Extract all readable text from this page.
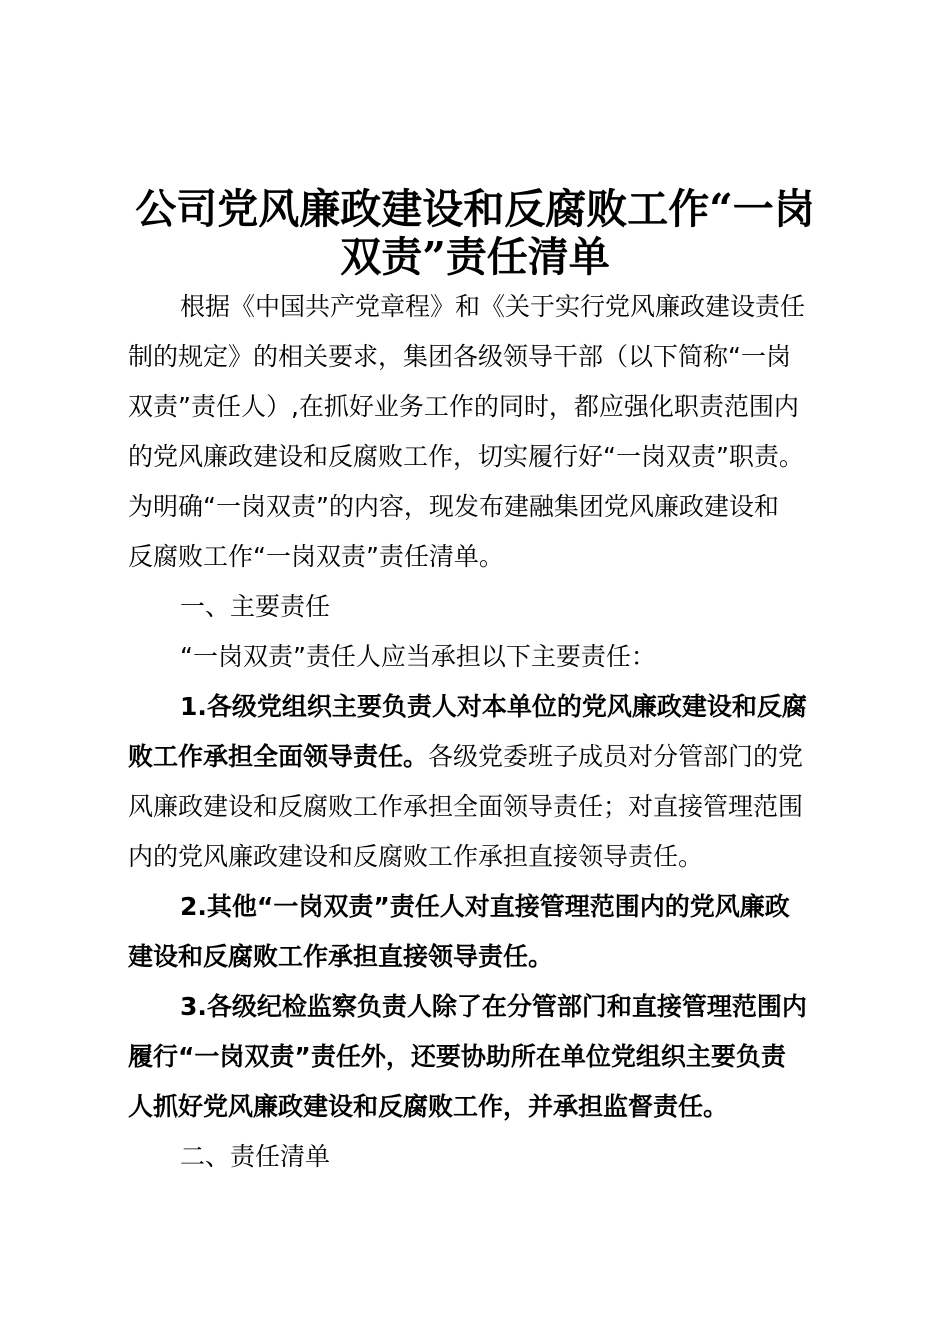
公司党风廉政建设和反腐败工作“一岗
双责”责任清单
根据《中国共产党章程》和《关于实行党风廉政建设责任
制的规定》的相关要求，集团各级领导干部（以下简称“一岗
双责”责任人）,在抓好业务工作的同时，都应强化职责范围内
的党风廉政建设和反腐败工作，切实履行好“一岗双责”职责。
为明确“一岗双责”的内容，现发布建融集团党风廉政建设和
反腐败工作“一岗双责”责任清单。
一、主要责任
“一岗双责”责任人应当承担以下主要责任：
1.各级党组织主要负责人对本单位的党风廉政建设和反腐
败工作承担全面领导责任。各级党委班子成员对分管部门的党
风廉政建设和反腐败工作承担全面领导责任；对直接管理范围
内的党风廉政建设和反腐败工作承担直接领导责任。
2.其他“一岗双责”责任人对直接管理范围内的党风廉政
建设和反腐败工作承担直接领导责任。
3.各级纪检监察负责人除了在分管部门和直接管理范围内
履行“一岗双责”责任外，还要协助所在单位党组织主要负责
人抓好党风廉政建设和反腐败工作，并承担监督责任。
二、责任清单
